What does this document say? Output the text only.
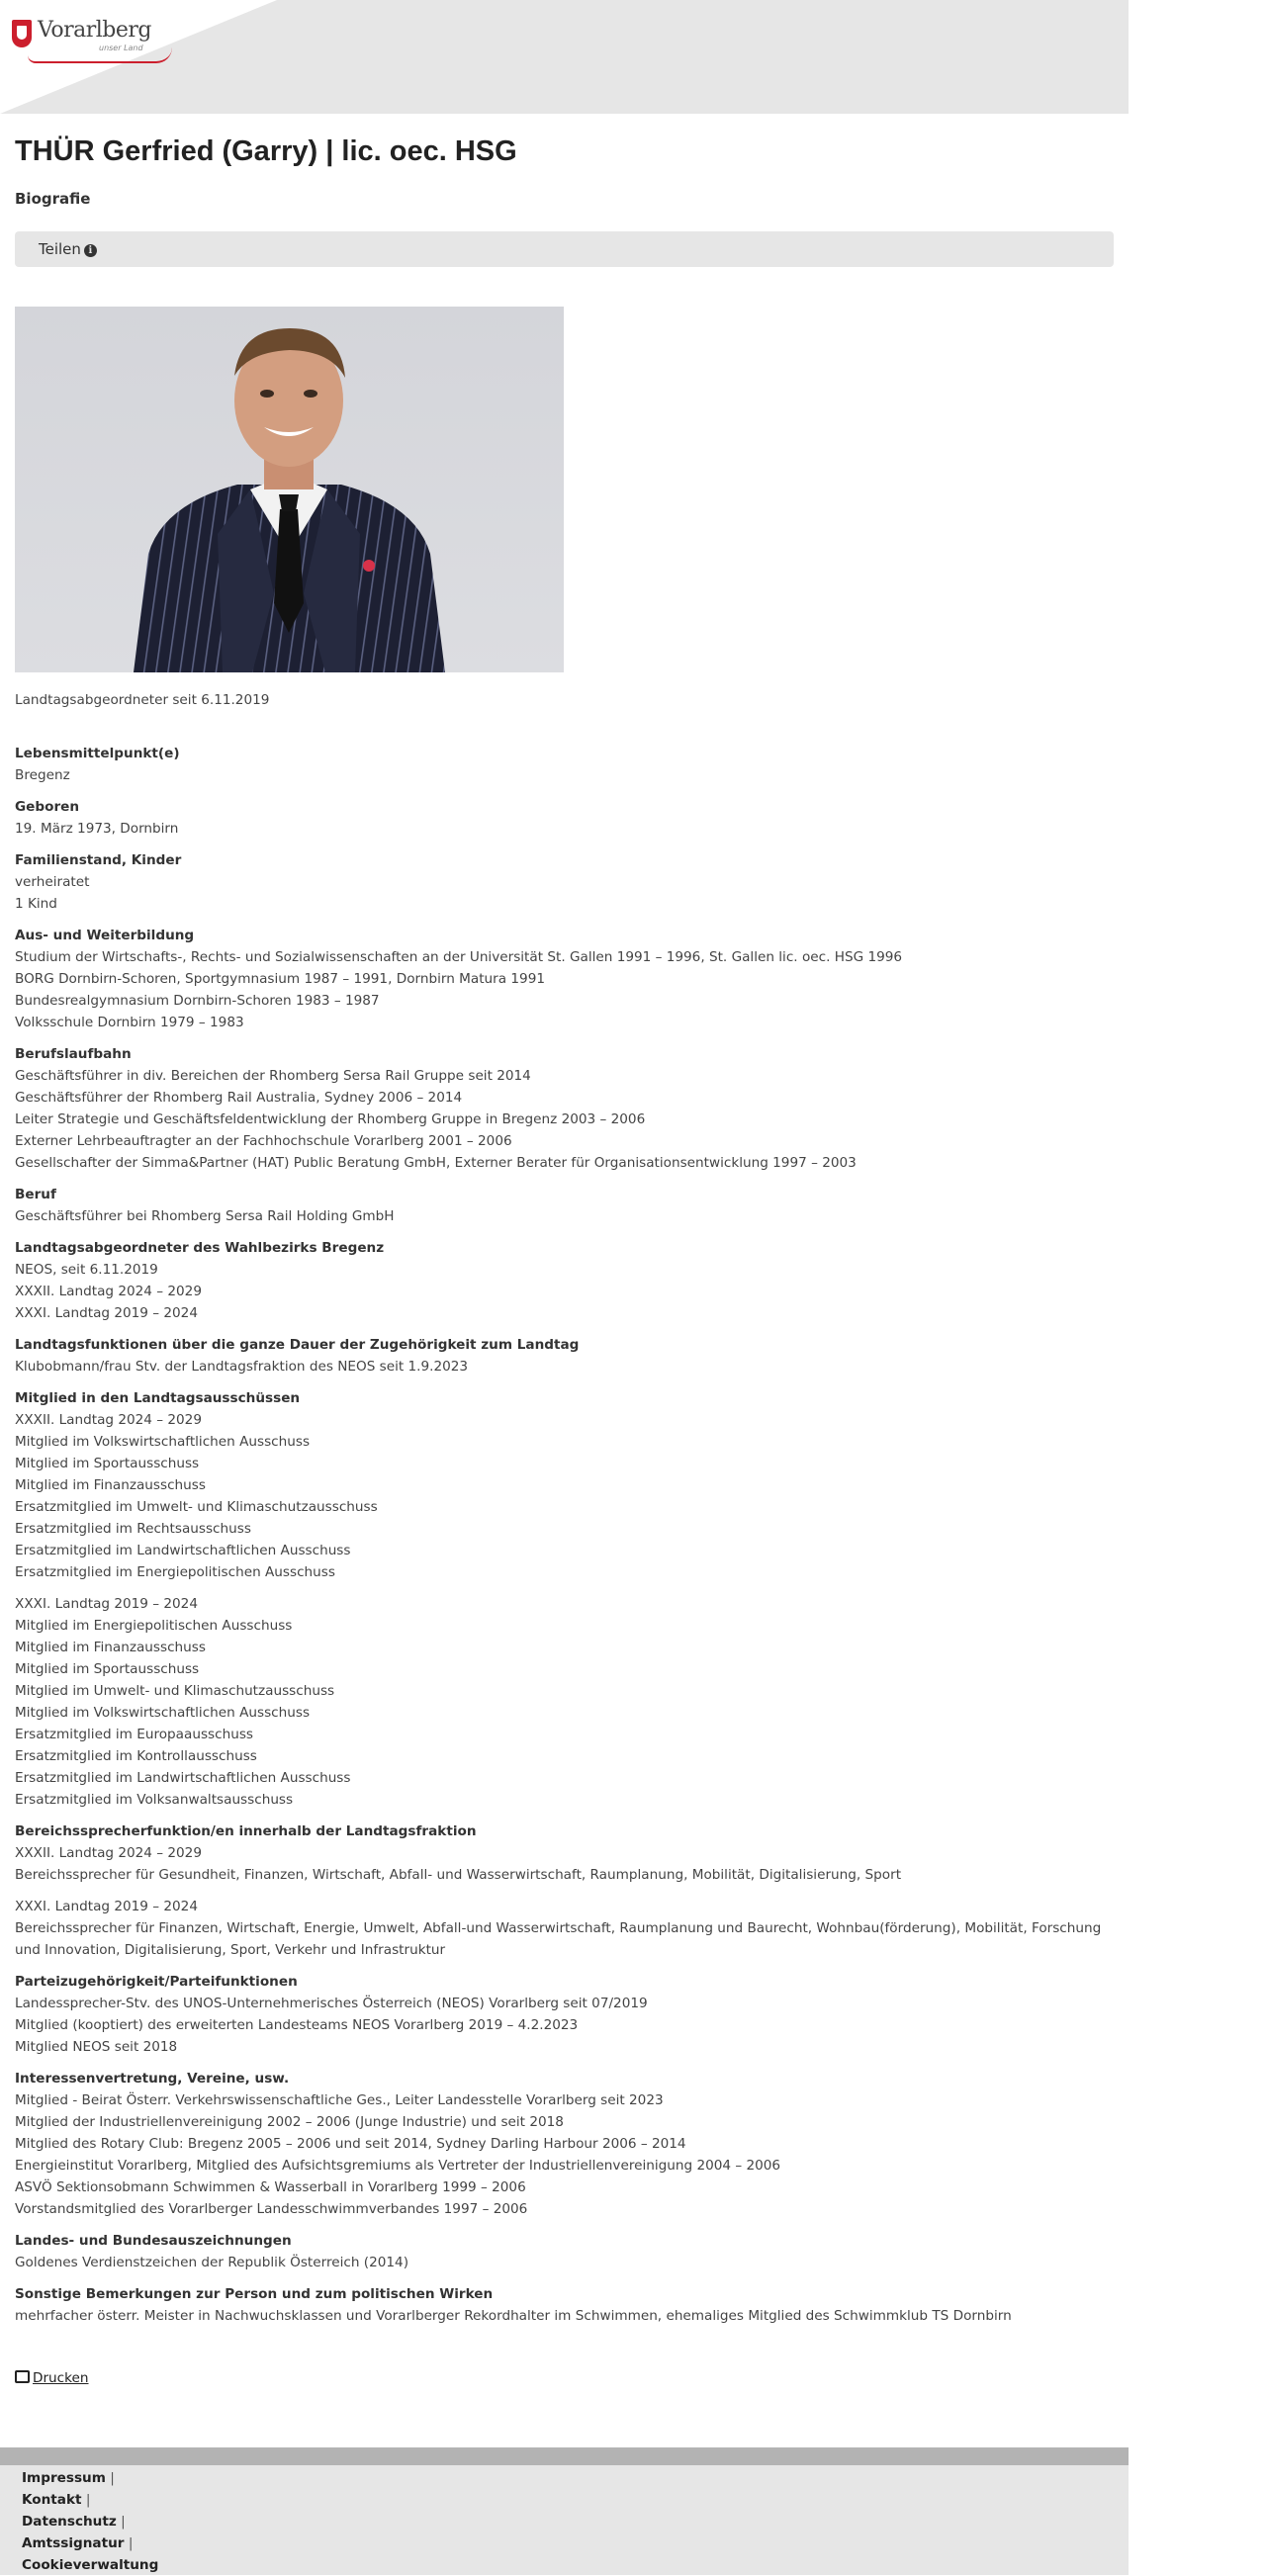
Vorarlberg
unser Land
THÜR Gerfried (Garry) | lic. oec. HSG
Biografie
Teilen i
Landtagsabgeordneter seit 6.11.2019
Lebensmittelpunkt(e)
Bregenz
Geboren
19. März 1973, Dornbirn
Familienstand, Kinder
verheiratet
1 Kind
Aus- und Weiterbildung
Studium der Wirtschafts-, Rechts- und Sozialwissenschaften an der Universität St. Gallen 1991 – 1996, St. Gallen lic. oec. HSG 1996
BORG Dornbirn-Schoren, Sportgymnasium 1987 – 1991, Dornbirn Matura 1991
Bundesrealgymnasium Dornbirn-Schoren 1983 – 1987
Volksschule Dornbirn 1979 – 1983
Berufslaufbahn
Geschäftsführer in div. Bereichen der Rhomberg Sersa Rail Gruppe seit 2014
Geschäftsführer der Rhomberg Rail Australia, Sydney 2006 – 2014
Leiter Strategie und Geschäftsfeldentwicklung der Rhomberg Gruppe in Bregenz 2003 – 2006
Externer Lehrbeauftragter an der Fachhochschule Vorarlberg 2001 – 2006
Gesellschafter der Simma&Partner (HAT) Public Beratung GmbH, Externer Berater für Organisationsentwicklung 1997 – 2003
Beruf
Geschäftsführer bei Rhomberg Sersa Rail Holding GmbH
Landtagsabgeordneter des Wahlbezirks Bregenz
NEOS, seit 6.11.2019
XXXII. Landtag 2024 – 2029
XXXI. Landtag 2019 – 2024
Landtagsfunktionen über die ganze Dauer der Zugehörigkeit zum Landtag
Klubobmann/frau Stv. der Landtagsfraktion des NEOS seit 1.9.2023
Mitglied in den Landtagsausschüssen
XXXII. Landtag 2024 – 2029
Mitglied im Volkswirtschaftlichen Ausschuss
Mitglied im Sportausschuss
Mitglied im Finanzausschuss
Ersatzmitglied im Umwelt- und Klimaschutzausschuss
Ersatzmitglied im Rechtsausschuss
Ersatzmitglied im Landwirtschaftlichen Ausschuss
Ersatzmitglied im Energiepolitischen Ausschuss
XXXI. Landtag 2019 – 2024
Mitglied im Energiepolitischen Ausschuss
Mitglied im Finanzausschuss
Mitglied im Sportausschuss
Mitglied im Umwelt- und Klimaschutzausschuss
Mitglied im Volkswirtschaftlichen Ausschuss
Ersatzmitglied im Europaausschuss
Ersatzmitglied im Kontrollausschuss
Ersatzmitglied im Landwirtschaftlichen Ausschuss
Ersatzmitglied im Volksanwaltsausschuss
Bereichssprecherfunktion/en innerhalb der Landtagsfraktion
XXXII. Landtag 2024 – 2029
Bereichssprecher für Gesundheit, Finanzen, Wirtschaft, Abfall- und Wasserwirtschaft, Raumplanung, Mobilität, Digitalisierung, Sport
XXXI. Landtag 2019 – 2024
Bereichssprecher für Finanzen, Wirtschaft, Energie, Umwelt, Abfall-und Wasserwirtschaft, Raumplanung und Baurecht, Wohnbau(förderung), Mobilität, Forschung und Innovation, Digitalisierung, Sport, Verkehr und Infrastruktur
Parteizugehörigkeit/Parteifunktionen
Landessprecher-Stv. des UNOS-Unternehmerisches Österreich (NEOS) Vorarlberg seit 07/2019
Mitglied (kooptiert) des erweiterten Landesteams NEOS Vorarlberg 2019 – 4.2.2023
Mitglied NEOS seit 2018
Interessenvertretung, Vereine, usw.
Mitglied - Beirat Österr. Verkehrswissenschaftliche Ges., Leiter Landesstelle Vorarlberg seit 2023
Mitglied der Industriellenvereinigung 2002 – 2006 (Junge Industrie) und seit 2018
Mitglied des Rotary Club: Bregenz 2005 – 2006 und seit 2014, Sydney Darling Harbour 2006 – 2014
Energieinstitut Vorarlberg, Mitglied des Aufsichtsgremiums als Vertreter der Industriellenvereinigung 2004 – 2006
ASVÖ Sektionsobmann Schwimmen & Wasserball in Vorarlberg 1999 – 2006
Vorstandsmitglied des Vorarlberger Landesschwimmverbandes 1997 – 2006
Landes- und Bundesauszeichnungen
Goldenes Verdienstzeichen der Republik Österreich (2014)
Sonstige Bemerkungen zur Person und zum politischen Wirken
mehrfacher österr. Meister in Nachwuchsklassen und Vorarlberger Rekordhalter im Schwimmen, ehemaliges Mitglied des Schwimmklub TS Dornbirn
Drucken
Impressum |
Kontakt |
Datenschutz |
Amtssignatur |
Cookieverwaltung
